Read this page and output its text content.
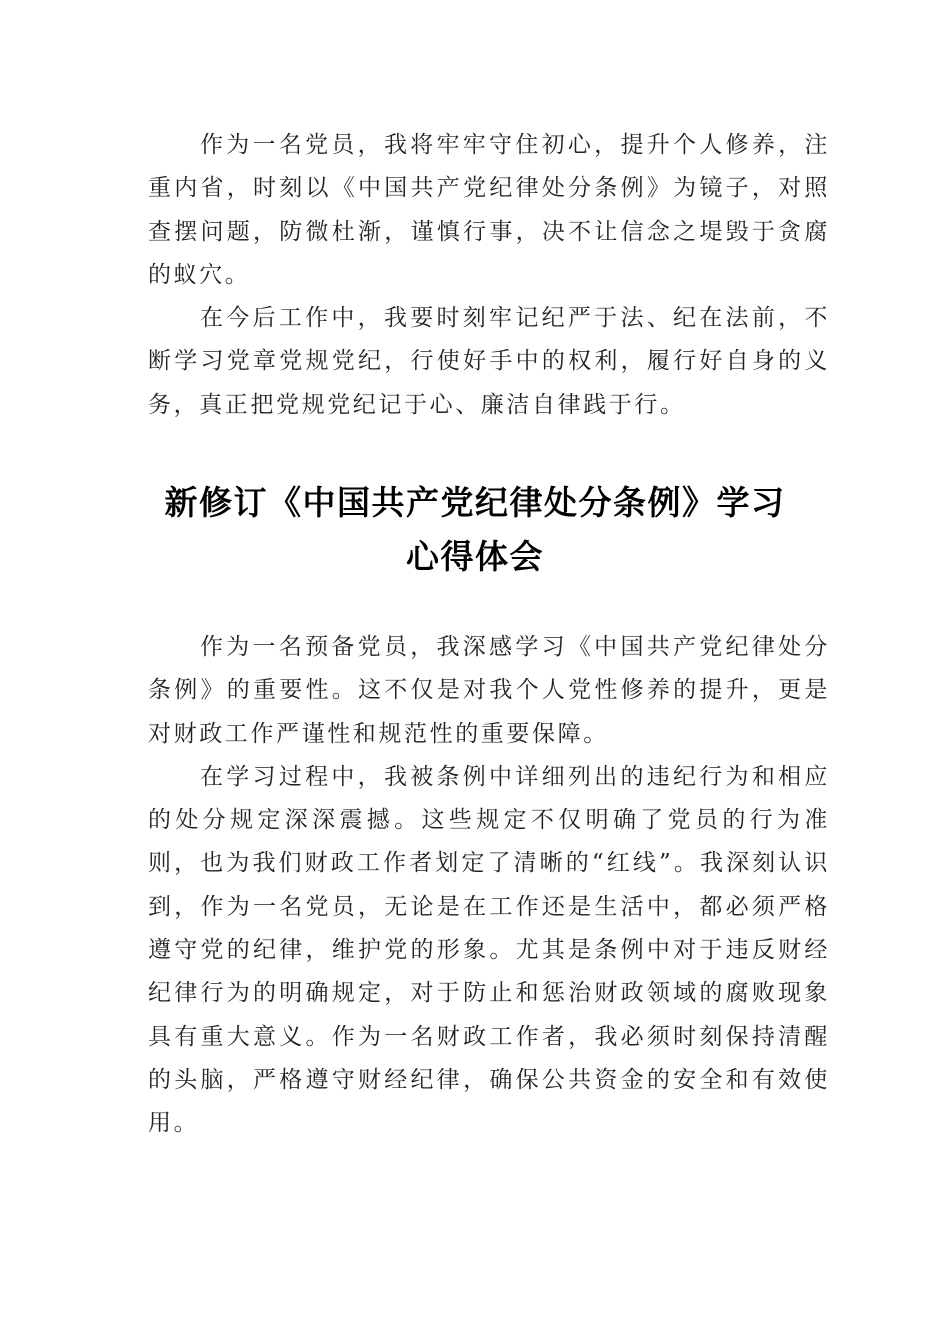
作为一名党员，我将牢牢守住初心，提升个人修养，注重内省，时刻以《中国共产党纪律处分条例》为镜子，对照查摆问题，防微杜渐，谨慎行事，决不让信念之堤毁于贪腐的蚁穴。

在今后工作中，我要时刻牢记纪严于法、纪在法前，不断学习党章党规党纪，行使好手中的权利，履行好自身的义务，真正把党规党纪记于心、廉洁自律践于行。

新修订《中国共产党纪律处分条例》学习
心得体会

作为一名预备党员，我深感学习《中国共产党纪律处分条例》的重要性。这不仅是对我个人党性修养的提升，更是对财政工作严谨性和规范性的重要保障。

在学习过程中，我被条例中详细列出的违纪行为和相应的处分规定深深震撼。这些规定不仅明确了党员的行为准则，也为我们财政工作者划定了清晰的“红线”。我深刻认识到，作为一名党员，无论是在工作还是生活中，都必须严格遵守党的纪律，维护党的形象。尤其是条例中对于违反财经纪律行为的明确规定，对于防止和惩治财政领域的腐败现象具有重大意义。作为一名财政工作者，我必须时刻保持清醒的头脑，严格遵守财经纪律，确保公共资金的安全和有效使用。
